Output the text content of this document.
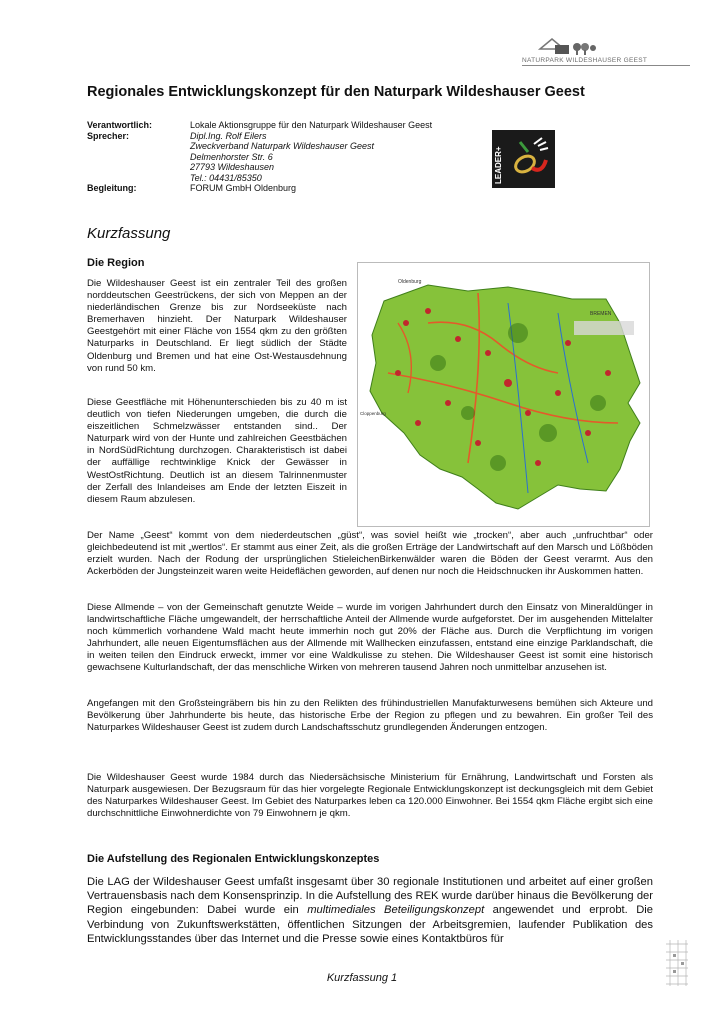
NATURPARK WILDESHAUSER GEEST
Regionales Entwicklungskonzept für den Naturpark Wildeshauser Geest
Verantwortlich:	Lokale Aktionsgruppe für den Naturpark Wildeshauser Geest
Sprecher:	Dipl.Ing. Rolf Eilers
Zweckverband Naturpark Wildeshauser Geest
Delmenhorster Str. 6
27793 Wildeshausen
Tel.: 04431/85350
Begleitung:	FORUM GmbH Oldenburg
LEADER+
Kurzfassung
Die Region

Die Wildeshauser Geest ist ein zentraler Teil des großen norddeutschen Geestrückens, der sich von Meppen an der niederländischen Grenze bis zur Nordseeküste nach Bremerhaven hinzieht. Der Naturpark Wildeshauser Geestgehört mit einer Fläche von 1554 qkm zu den größten Naturparks in Deutschland. Er liegt südlich der Städte Oldenburg und Bremen und hat eine Ost-Westausdehnung von rund 50 km.

Diese Geestfläche mit Höhenunterschieden bis zu 40 m ist deutlich von tiefen Niederungen umgeben, die durch die eiszeitlichen Schmelzwässer entstanden sind.. Der Naturpark wird von der Hunte und zahlreichen Geestbächen in NordSüdRichtung durchzogen. Charakteristisch ist dabei der auffällige rechtwinklige Knick der Gewässer in WestOstRichtung. Deutlich ist an diesem Talrinnenmuster der Zerfall des Inlandeises am Ende der letzten Eiszeit in diesem Raum abzulesen.

Oldenburg
BREMEN
Cloppenburg

Der Name „Geest“ kommt von dem niederdeutschen „güst“, was soviel heißt wie „trocken“, aber auch „unfruchtbar“ oder gleichbedeutend ist mit „wertlos“. Er stammt aus einer Zeit, als die großen Erträge der Landwirtschaft auf den Marsch und Lößböden erzielt wurden. Nach der Rodung der ursprünglichen StieleichenBirkenwälder waren die Böden der Geest verarmt. Aus den Ackerböden der Jungsteinzeit waren weite Heideflächen geworden, auf denen nur noch die Heidschnucken ihr Auskommen hatten.

Diese Allmende – von der Gemeinschaft genutzte Weide – wurde im vorigen Jahrhundert durch den Einsatz von Mineraldünger in landwirtschaftliche Fläche umgewandelt, der herrschaftliche Anteil der Allmende wurde aufgeforstet. Der im ausgehenden Mittelalter noch kümmerlich vorhandene Wald macht heute immerhin noch gut 20% der Fläche aus. Durch die Verpflichtung im vorigen Jahrhundert, alle neuen Eigentumsflächen aus der Allmende mit Wallhecken einzufassen, entstand eine einzige Parklandschaft, die in weiten teilen den Eindruck erweckt, immer vor eine Waldkulisse zu stehen. Die Wildeshauser Geest ist somit eine historisch gewachsene Kulturlandschaft, der das menschliche Wirken von mehreren tausend Jahren noch unmittelbar anzusehen ist.

Angefangen mit den Großsteingräbern bis hin zu den Relikten des frühindustriellen Manufakturwesens bemühen sich Akteure und Bevölkerung über Jahrhunderte bis heute, das historische Erbe der Region zu pflegen und zu bewahren. Ein großer Teil des Naturparkes Wildeshauser Geest ist zudem durch Landschaftsschutz grundlegenden Änderungen entzogen.

Die Wildeshauser Geest wurde 1984 durch das Niedersächsische Ministerium für Ernährung, Landwirtschaft und Forsten als Naturpark ausgewiesen. Der Bezugsraum für das hier vorgelegte Regionale Entwicklungskonzept ist deckungsgleich mit dem Gebiet des Naturparkes Wildeshauser Geest. Im Gebiet des Naturparkes leben ca 120.000 Einwohner. Bei 1554 qkm Fläche ergibt sich eine durchschnittliche Einwohnerdichte von 79 Einwohnern je qkm.

Die Aufstellung des Regionalen Entwicklungskonzeptes

Die LAG der Wildeshauser Geest umfaßt insgesamt über 30 regionale Institutionen und arbeitet auf einer großen Vertrauensbasis nach dem Konsensprinzip. In die Aufstellung des REK wurde darüber hinaus die Bevölkerung der Region eingebunden: Dabei wurde ein multimediales Beteiligungskonzept angewendet und erprobt. Die Verbindung von Zukunftswerkstätten, öffentlichen Sitzungen der Arbeitsgremien, laufender Publikation des Entwicklungsstandes über das Internet und die Presse sowie eines Kontaktbüros für

Kurzfassung 1
